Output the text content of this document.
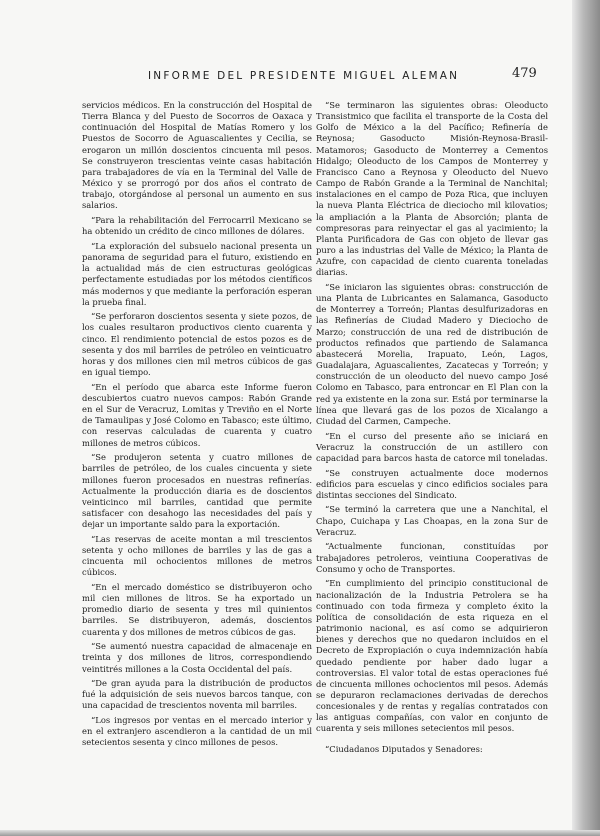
INFORME DEL PRESIDENTE MIGUEL ALEMAN	479

servicios médicos. En la construcción del Hospital de Tierra Blanca y del Puesto de Socorros de Oaxaca y continuación del Hospital de Matías Romero y los Puestos de Socorro de Aguascalientes y Cecilia, se erogaron un millón doscientos cincuenta mil pesos. Se construyeron trescientas veinte casas habitación para trabajadores de vía en la Terminal del Valle de México y se prorrogó por dos años el contrato de trabajo, otorgándose al personal un aumento en sus salarios.

“Para la rehabilitación del Ferrocarril Mexicano se ha obtenido un crédito de cinco millones de dólares.

“La exploración del subsuelo nacional presenta un panorama de seguridad para el futuro, existiendo en la actualidad más de cien estructuras geológicas perfectamente estudiadas por los métodos científicos más modernos y que mediante la perforación esperan la prueba final.

“Se perforaron doscientos sesenta y siete pozos, de los cuales resultaron productivos ciento cuarenta y cinco. El rendimiento potencial de estos pozos es de sesenta y dos mil barriles de petróleo en veinticuatro horas y dos millones cien mil metros cúbicos de gas en igual tiempo.

“En el período que abarca este Informe fueron descubiertos cuatro nuevos campos: Rabón Grande en el Sur de Veracruz, Lomitas y Treviño en el Norte de Tamaulipas y José Colomo en Tabasco; este último, con reservas calculadas de cuarenta y cuatro millones de metros cúbicos.

“Se produjeron setenta y cuatro millones de barriles de petróleo, de los cuales cincuenta y siete millones fueron procesados en nuestras refinerías. Actualmente la producción diaria es de doscientos veinticinco mil barriles, cantidad que permite satisfacer con desahogo las necesidades del país y dejar un importante saldo para la exportación.

“Las reservas de aceite montan a mil trescientos setenta y ocho millones de barriles y las de gas a cincuenta mil ochocientos millones de metros cúbicos.

“En el mercado doméstico se distribuyeron ocho mil cien millones de litros. Se ha exportado un promedio diario de sesenta y tres mil quinientos barriles. Se distribuyeron, además, doscientos cuarenta y dos millones de metros cúbicos de gas.

“Se aumentó nuestra capacidad de almacenaje en treinta y dos millones de litros, correspondiendo veintitrés millones a la Costa Occidental del país.

“De gran ayuda para la distribución de productos fué la adquisición de seis nuevos barcos tanque, con una capacidad de trescientos noventa mil barriles.

“Los ingresos por ventas en el mercado interior y en el extranjero ascendieron a la cantidad de un mil setecientos sesenta y cinco millones de pesos.

“Se terminaron las siguientes obras: Oleoducto Transistmico que facilita el transporte de la Costa del Golfo de México a la del Pacífico; Refinería de Reynosa; Gasoducto Misión-Reynosa-Brasil-Matamoros; Gasoducto de Monterrey a Cementos Hidalgo; Oleoducto de los Campos de Monterrey y Francisco Cano a Reynosa y Oleoducto del Nuevo Campo de Rabón Grande a la Terminal de Nanchital; instalaciones en el campo de Poza Rica, que incluyen la nueva Planta Eléctrica de dieciocho mil kilovatios; la ampliación a la Planta de Absorción; planta de compresoras para reinyectar el gas al yacimiento; la Planta Purificadora de Gas con objeto de llevar gas puro a las industrias del Valle de México; la Planta de Azufre, con capacidad de ciento cuarenta toneladas diarias.

“Se iniciaron las siguientes obras: construcción de una Planta de Lubricantes en Salamanca, Gasoducto de Monterrey a Torreón; Plantas desulfurizadoras en las Refinerías de Ciudad Madero y Dieciocho de Marzo; construcción de una red de distribución de productos refinados que partiendo de Salamanca abastecerá Morelia, Irapuato, León, Lagos, Guadalajara, Aguascalientes, Zacatecas y Torreón; y construcción de un oleoducto del nuevo campo José Colomo en Tabasco, para entroncar en El Plan con la red ya existente en la zona sur. Está por terminarse la línea que llevará gas de los pozos de Xicalango a Ciudad del Carmen, Campeche.

“En el curso del presente año se iniciará en Veracruz la construcción de un astillero con capacidad para barcos hasta de catorce mil toneladas.

“Se construyen actualmente doce modernos edificios para escuelas y cinco edificios sociales para distintas secciones del Sindicato.

“Se terminó la carretera que une a Nanchital, el Chapo, Cuichapa y Las Choapas, en la zona Sur de Veracruz.

“Actualmente funcionan, constituídas por trabajadores petroleros, veintiuna Cooperativas de Consumo y ocho de Transportes.

“En cumplimiento del principio constitucional de nacionalización de la Industria Petrolera se ha continuado con toda firmeza y completo éxito la política de consolidación de esta riqueza en el patrimonio nacional, es así como se adquirieron bienes y derechos que no quedaron incluidos en el Decreto de Expropiación o cuya indemnización había quedado pendiente por haber dado lugar a controversias. El valor total de estas operaciones fué de cincuenta millones ochocientos mil pesos. Además se depuraron reclamaciones derivadas de derechos concesionales y de rentas y regalías contratados con las antiguas compañías, con valor en conjunto de cuarenta y seis millones setecientos mil pesos.

“Ciudadanos Diputados y Senadores:
